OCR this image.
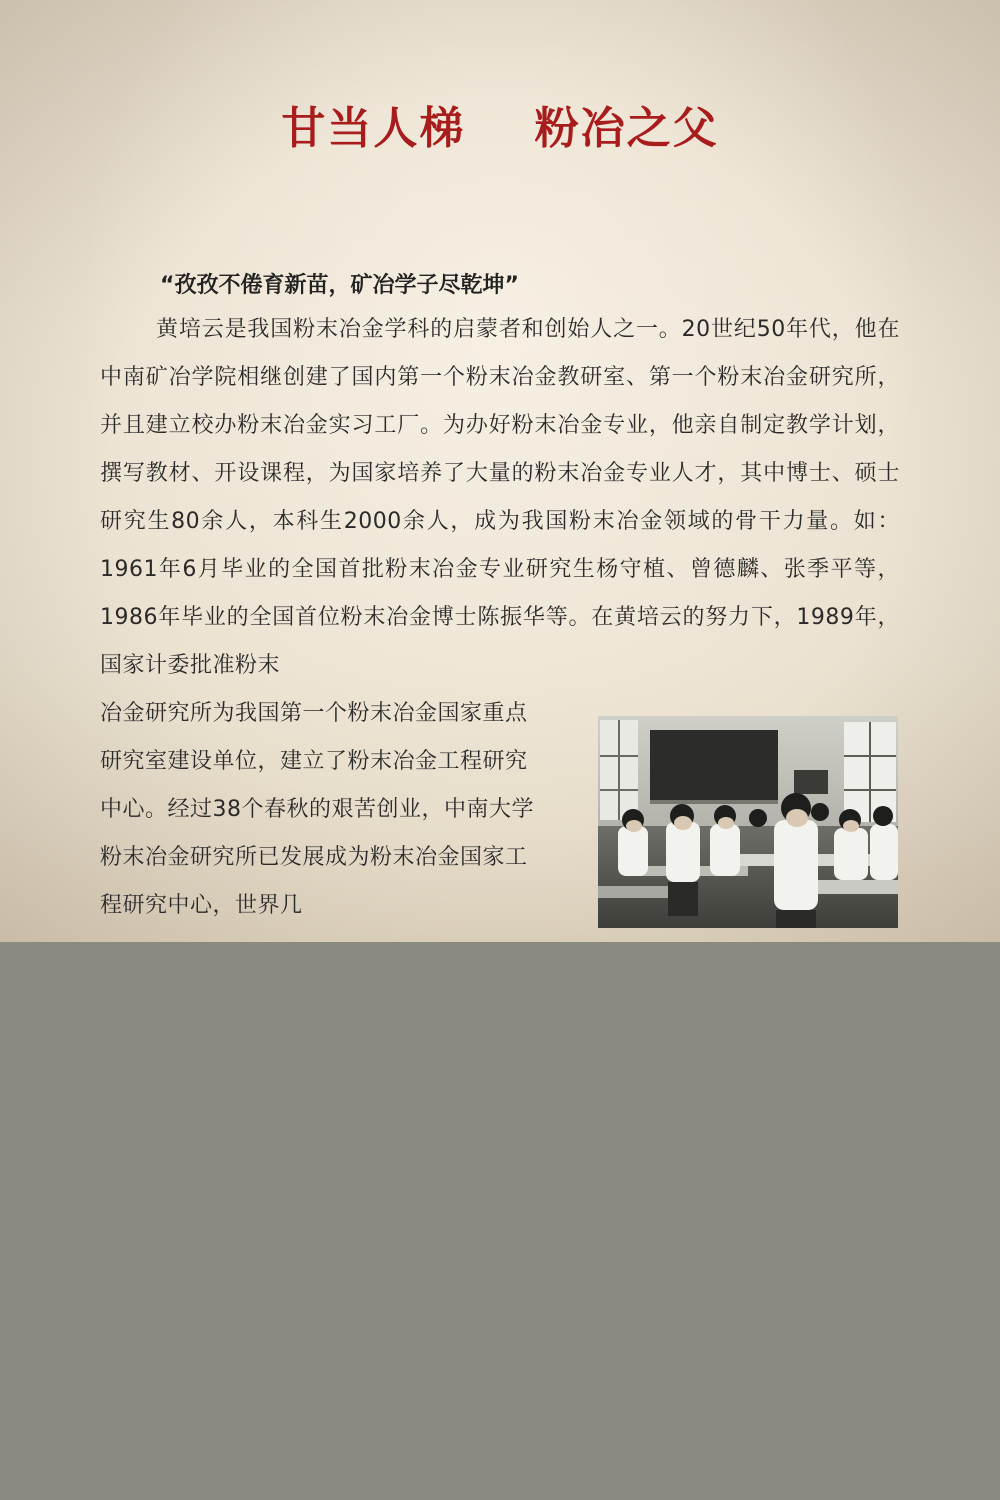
甘当人梯    粉冶之父
“孜孜不倦育新苗，矿冶学子尽乾坤”
黄培云是我国粉末冶金学科的启蒙者和创始人之一。20世纪50年代，他在中南矿冶学院相继创建了国内第一个粉末冶金教研室、第一个粉末冶金研究所，并且建立校办粉末冶金实习工厂。为办好粉末冶金专业，他亲自制定教学计划，撰写教材、开设课程，为国家培养了大量的粉末冶金专业人才，其中博士、硕士研究生80余人，本科生2000余人，成为我国粉末冶金领域的骨干力量。如：1961年6月毕业的全国首批粉末冶金专业研究生杨守植、曾德麟、张季平等，1986年毕业的全国首位粉末冶金博士陈振华等。在黄培云的努力下，1989年，国家计委批准粉末
冶金研究所为我国第一个粉末冶金国家重点研究室建设单位，建立了粉末冶金工程研究中心。经过38个春秋的艰苦创业，中南大学粉末冶金研究所已发展成为粉末冶金国家工程研究中心，世界几
